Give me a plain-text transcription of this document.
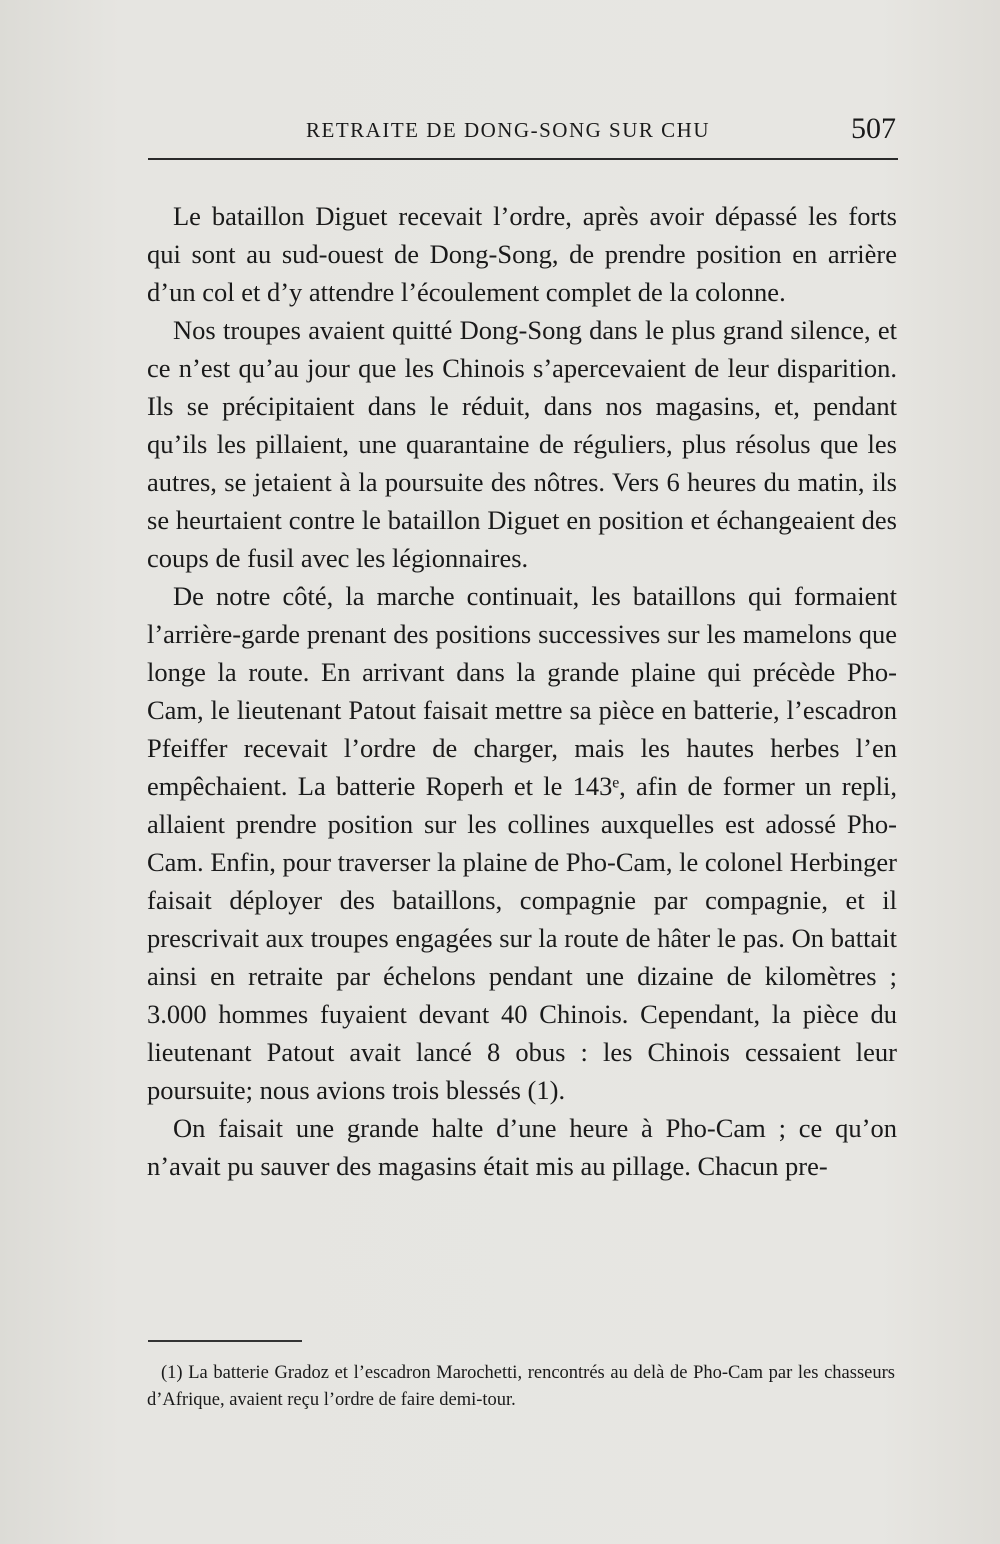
RETRAITE DE DONG-SONG SUR CHU	507

Le bataillon Diguet recevait l’ordre, après avoir dépassé les forts qui sont au sud-ouest de Dong-Song, de prendre position en arrière d’un col et d’y attendre l’écoulement complet de la colonne.

Nos troupes avaient quitté Dong-Song dans le plus grand silence, et ce n’est qu’au jour que les Chinois s’apercevaient de leur disparition. Ils se précipitaient dans le réduit, dans nos magasins, et, pendant qu’ils les pillaient, une quarantaine de réguliers, plus résolus que les autres, se jetaient à la poursuite des nôtres. Vers 6 heures du matin, ils se heurtaient contre le bataillon Diguet en position et échangeaient des coups de fusil avec les légionnaires.

De notre côté, la marche continuait, les bataillons qui formaient l’arrière-garde prenant des positions successives sur les mamelons que longe la route. En arrivant dans la grande plaine qui précède Pho-Cam, le lieutenant Patout faisait mettre sa pièce en batterie, l’escadron Pfeiffer recevait l’ordre de charger, mais les hautes herbes l’en empêchaient. La batterie Roperh et le 143ᵉ, afin de former un repli, allaient prendre position sur les collines auxquelles est adossé Pho-Cam. Enfin, pour traverser la plaine de Pho-Cam, le colonel Herbinger faisait déployer des bataillons, compagnie par compagnie, et il prescrivait aux troupes engagées sur la route de hâter le pas. On battait ainsi en retraite par échelons pendant une dizaine de kilomètres ; 3.000 hommes fuyaient devant 40 Chinois. Cependant, la pièce du lieutenant Patout avait lancé 8 obus : les Chinois cessaient leur poursuite; nous avions trois blessés (1).

On faisait une grande halte d’une heure à Pho-Cam ; ce qu’on n’avait pu sauver des magasins était mis au pillage. Chacun pre-

(1) La batterie Gradoz et l’escadron Marochetti, rencontrés au delà de Pho-Cam par les chasseurs d’Afrique, avaient reçu l’ordre de faire demi-tour.
